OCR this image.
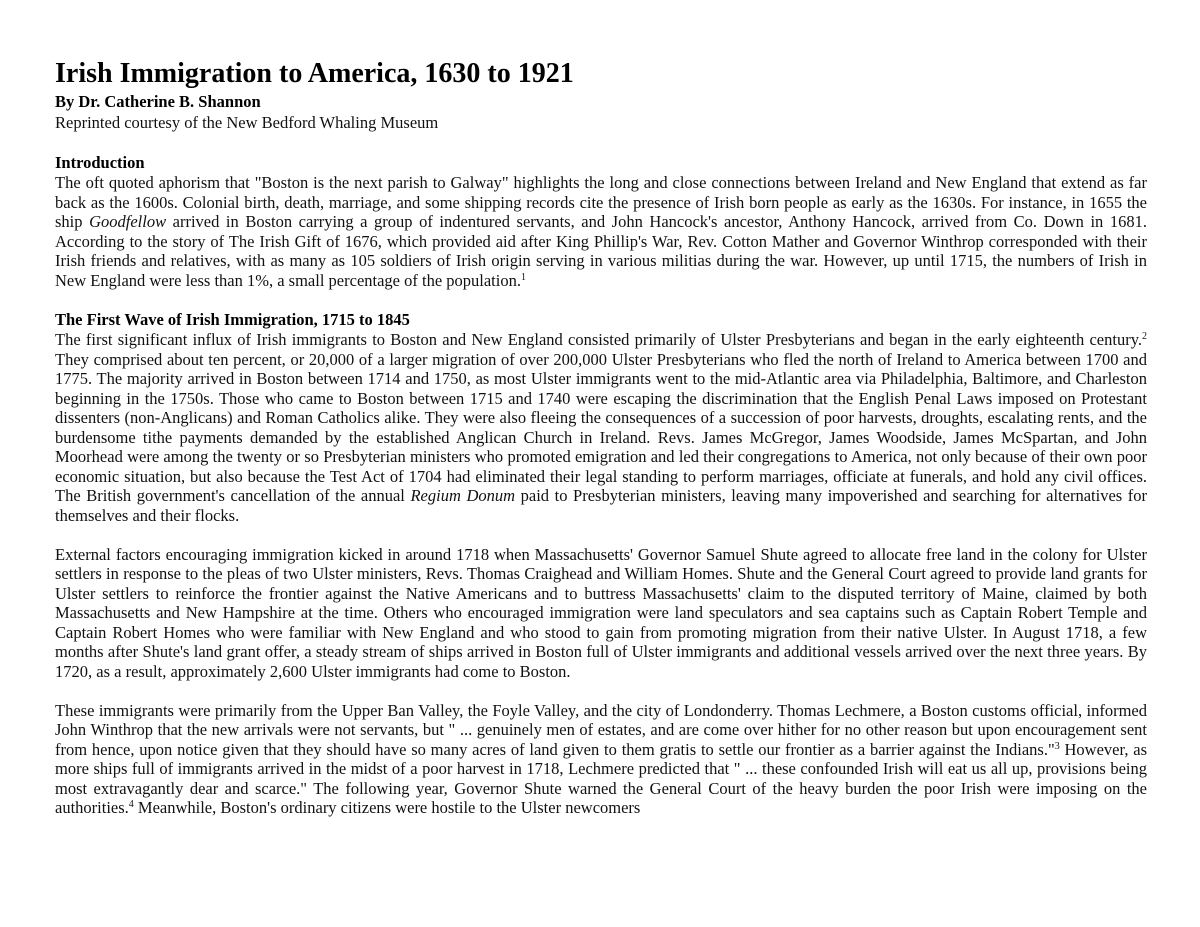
Irish Immigration to America, 1630 to 1921
By Dr. Catherine B. Shannon
Reprinted courtesy of the New Bedford Whaling Museum
Introduction

The oft quoted aphorism that "Boston is the next parish to Galway" highlights the long and close connections between Ireland and New England that extend as far back as the 1600s. Colonial birth, death, marriage, and some shipping records cite the presence of Irish born people as early as the 1630s. For instance, in 1655 the ship Goodfellow arrived in Boston carrying a group of indentured servants, and John Hancock's ancestor, Anthony Hancock, arrived from Co. Down in 1681. According to the story of The Irish Gift of 1676, which provided aid after King Phillip's War, Rev. Cotton Mather and Governor Winthrop corresponded with their Irish friends and relatives, with as many as 105 soldiers of Irish origin serving in various militias during the war. However, up until 1715, the numbers of Irish in New England were less than 1%, a small percentage of the population.$^1$

The First Wave of Irish Immigration, 1715 to 1845

The first significant influx of Irish immigrants to Boston and New England consisted primarily of Ulster Presbyterians and began in the early eighteenth century.$^2$ They comprised about ten percent, or 20,000 of a larger migration of over 200,000 Ulster Presbyterians who fled the north of Ireland to America between 1700 and 1775. The majority arrived in Boston between 1714 and 1750, as most Ulster immigrants went to the mid-Atlantic area via Philadelphia, Baltimore, and Charleston beginning in the 1750s. Those who came to Boston between 1715 and 1740 were escaping the discrimination that the English Penal Laws imposed on Protestant dissenters (non-Anglicans) and Roman Catholics alike. They were also fleeing the consequences of a succession of poor harvests, droughts, escalating rents, and the burdensome tithe payments demanded by the established Anglican Church in Ireland. Revs. James McGregor, James Woodside, James McSpartan, and John Moorhead were among the twenty or so Presbyterian ministers who promoted emigration and led their congregations to America, not only because of their own poor economic situation, but also because the Test Act of 1704 had eliminated their legal standing to perform marriages, officiate at funerals, and hold any civil offices. The British government's cancellation of the annual Regium Donum paid to Presbyterian ministers, leaving many impoverished and searching for alternatives for themselves and their flocks.

External factors encouraging immigration kicked in around 1718 when Massachusetts' Governor Samuel Shute agreed to allocate free land in the colony for Ulster settlers in response to the pleas of two Ulster ministers, Revs. Thomas Craighead and William Homes. Shute and the General Court agreed to provide land grants for Ulster settlers to reinforce the frontier against the Native Americans and to buttress Massachusetts' claim to the disputed territory of Maine, claimed by both Massachusetts and New Hampshire at the time. Others who encouraged immigration were land speculators and sea captains such as Captain Robert Temple and Captain Robert Homes who were familiar with New England and who stood to gain from promoting migration from their native Ulster. In August 1718, a few months after Shute's land grant offer, a steady stream of ships arrived in Boston full of Ulster immigrants and additional vessels arrived over the next three years. By 1720, as a result, approximately 2,600 Ulster immigrants had come to Boston.

These immigrants were primarily from the Upper Ban Valley, the Foyle Valley, and the city of Londonderry. Thomas Lechmere, a Boston customs official, informed John Winthrop that the new arrivals were not servants, but " ... genuinely men of estates, and are come over hither for no other reason but upon encouragement sent from hence, upon notice given that they should have so many acres of land given to them gratis to settle our frontier as a barrier against the Indians."$^3$ However, as more ships full of immigrants arrived in the midst of a poor harvest in 1718, Lechmere predicted that " ... these confounded Irish will eat us all up, provisions being most extravagantly dear and scarce." The following year, Governor Shute warned the General Court of the heavy burden the poor Irish were imposing on the authorities.$^4$ Meanwhile, Boston's ordinary citizens were hostile to the Ulster newcomers
